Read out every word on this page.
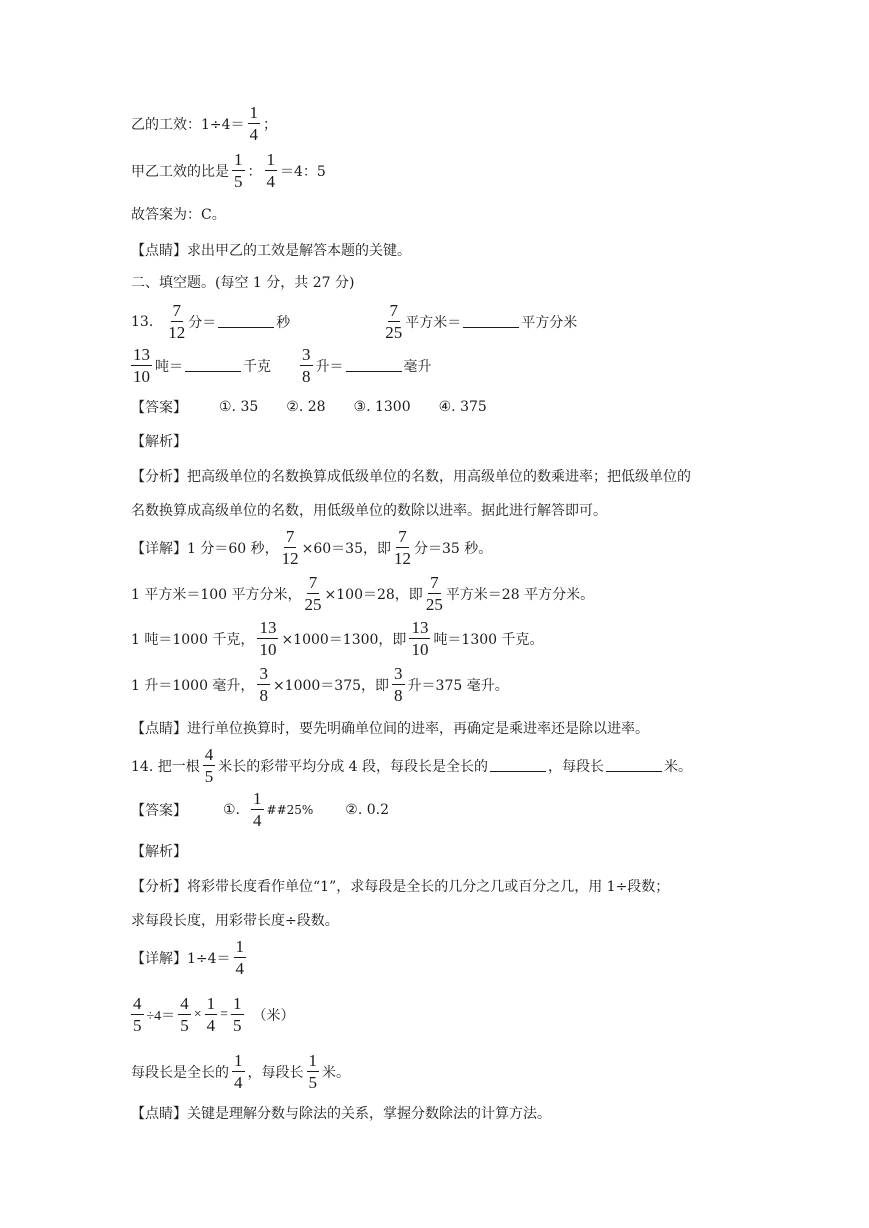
乙的工效：$1\div 4= \frac{1}{4}$ ；
甲乙工效的比是 $\frac{1}{5}$ ： $\frac{1}{4} =4$：5
故答案为：C。
【点睛】求出甲乙的工效是解答本题的关键。
二、填空题。(每空 1 分，共 27 分)
13. $\frac{7}{12}$ 分＝	秒	$\frac{7}{25}$ 平方米＝	平方分米
$\frac{13}{10}$ 吨＝	千克 $\frac{3}{8}$ 升＝	毫升
【答案】 ①. 35 ②. 28 ③. 1300 ④. 375
【解析】
【分析】把高级单位的名数换算成低级单位的名数，用高级单位的数乘进率；把低级单位的
名数换算成高级单位的名数，用低级单位的数除以进率。据此进行解答即可。
【详解】1 分＝60 秒， $\frac{7}{12} \times 60=35$，即 $\frac{7}{12}$ 分＝35 秒。
1 平方米＝100 平方分米， $\frac{7}{25} \times 100=28$，即 $\frac{7}{25}$ 平方米＝28 平方分米。
1 吨＝1000 千克， $\frac{13}{10} \times 1000=1300$，即 $\frac{13}{10}$ 吨＝1300 千克。
1 升＝1000 毫升， $\frac{3}{8} \times 1000=375$，即 $\frac{3}{8}$ 升＝375 毫升。
【点睛】进行单位换算时，要先明确单位间的进率，再确定是乘进率还是除以进率。
14. 把一根 $\frac{4}{5}$ 米长的彩带平均分成 4 段，每段长是全长的	，每段长	米。
【答案】	①. $\frac{1}{4}$ ##25% ②. 0.2
【解析】
【分析】将彩带长度看作单位“1”，求每段是全长的几分之几或百分之几，用 1÷段数；
求每段长度，用彩带长度÷段数。
【详解】$1\div 4= \frac{1}{4}$
$\frac{4}{5} \div 4= \frac{4}{5} \times \frac{1}{4} = \frac{1}{5}$ （米）
每段长是全长的 $\frac{1}{4}$ ，每段长 $\frac{1}{5}$ 米。
【点睛】关键是理解分数与除法的关系，掌握分数除法的计算方法。
